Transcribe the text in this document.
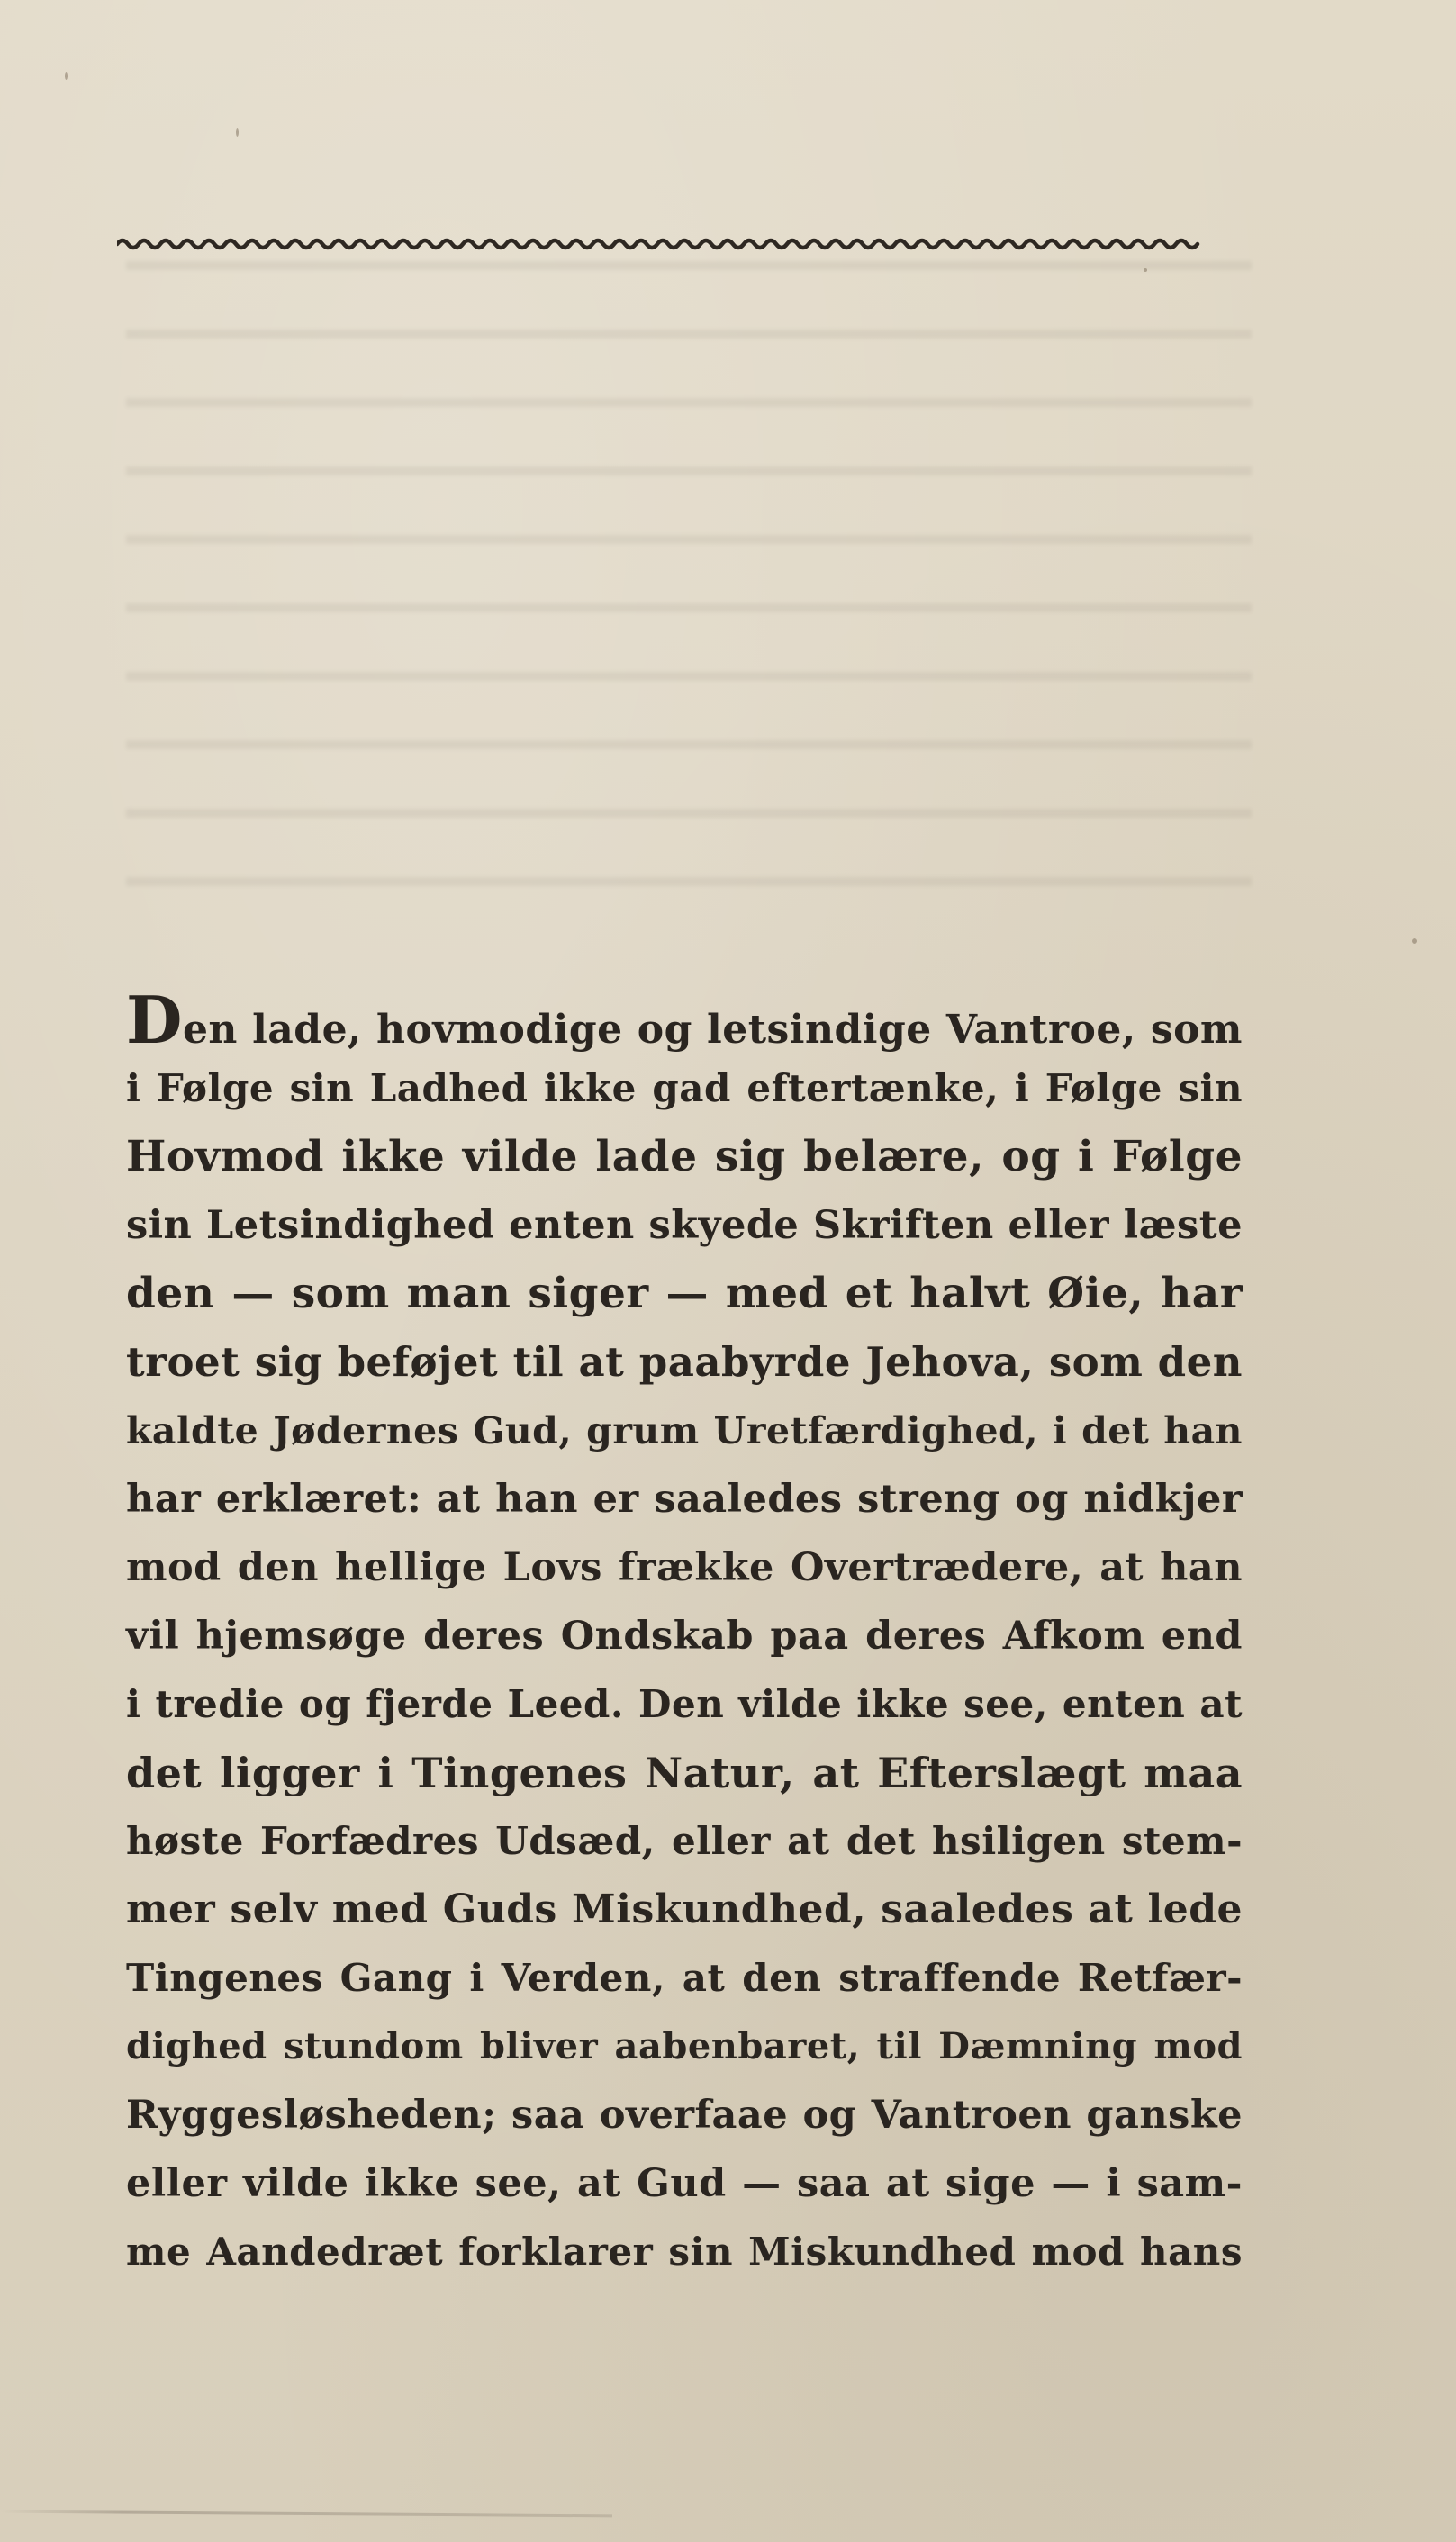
Den lade, hovmodige og letsindige Vantroe, som
i Følge sin Ladhed ikke gad eftertænke, i Følge sin
Hovmod ikke vilde lade sig belære, og i Følge
sin Letsindighed enten skyede Skriften eller læste
den — som man siger — med et halvt Øie, har
troet sig beføjet til at paabyrde Jehova, som den
kaldte Jødernes Gud, grum Uretfærdighed, i det han
har erklæret: at han er saaledes streng og nidkjer
mod den hellige Lovs frække Overtrædere, at han
vil hjemsøge deres Ondskab paa deres Afkom end
i tredie og fjerde Leed. Den vilde ikke see, enten at
det ligger i Tingenes Natur, at Efterslægt maa
høste Forfædres Udsæd, eller at det hsiligen stem-
mer selv med Guds Miskundhed, saaledes at lede
Tingenes Gang i Verden, at den straffende Retfær-
dighed stundom bliver aabenbaret, til Dæmning mod
Ryggesløsheden; saa overfaae og Vantroen ganske
eller vilde ikke see, at Gud — saa at sige — i sam-
me Aandedræt forklarer sin Miskundhed mod hans
